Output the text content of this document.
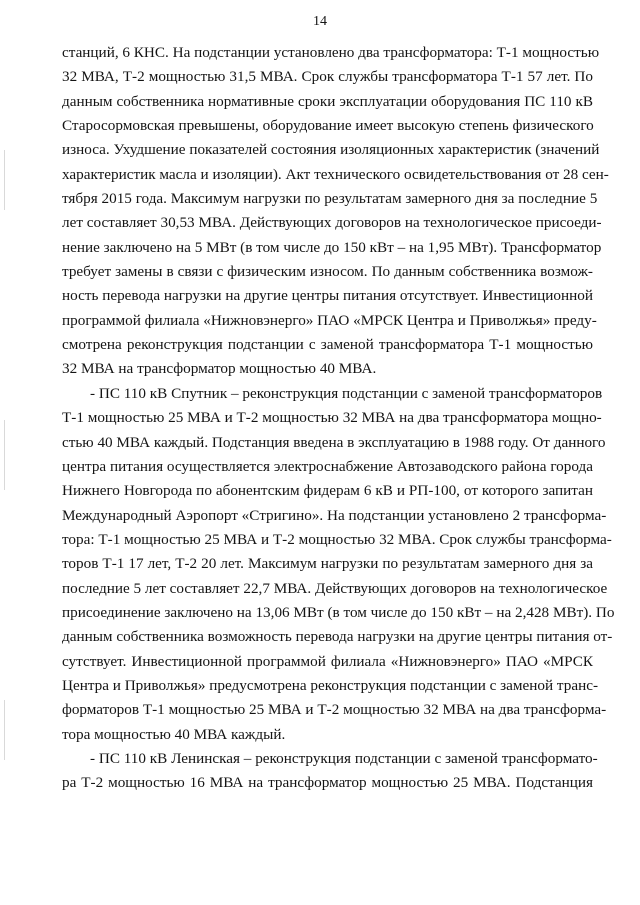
14
станций, 6 КНС. На подстанции установлено два трансформатора: Т-1 мощностью
32 МВА, Т-2 мощностью 31,5 МВА. Срок службы трансформатора Т-1 57 лет. По
данным собственника нормативные сроки эксплуатации оборудования ПС 110 кВ
Старосормовская превышены, оборудование имеет высокую степень физического
износа. Ухудшение показателей состояния изоляционных характеристик (значений
характеристик масла и изоляции). Акт технического освидетельствования от 28 сен-
тября 2015 года. Максимум нагрузки по результатам замерного дня за последние 5
лет составляет 30,53 МВА. Действующих договоров на технологическое присоеди-
нение заключено на 5 МВт (в том числе до 150 кВт – на 1,95 МВт). Трансформатор
требует замены в связи с физическим износом. По данным собственника возмож-
ность перевода нагрузки на другие центры питания отсутствует. Инвестиционной
программой филиала «Нижновэнерго» ПАО «МРСК Центра и Приволжья» преду-
смотрена реконструкция подстанции с заменой трансформатора Т-1 мощностью
32 МВА на трансформатор мощностью 40 МВА.
- ПС 110 кВ Спутник – реконструкция подстанции с заменой трансформаторов
Т-1 мощностью 25 МВА и Т-2 мощностью 32 МВА на два трансформатора мощно-
стью 40 МВА каждый. Подстанция введена в эксплуатацию в 1988 году. От данного
центра питания осуществляется электроснабжение Автозаводского района города
Нижнего Новгорода по абонентским фидерам 6 кВ и РП-100, от которого запитан
Международный Аэропорт «Стригино». На подстанции установлено 2 трансформа-
тора: Т-1 мощностью 25 МВА и Т-2 мощностью 32 МВА. Срок службы трансформа-
торов Т-1 17 лет, Т-2 20 лет. Максимум нагрузки по результатам замерного дня за
последние 5 лет составляет 22,7 МВА. Действующих договоров на технологическое
присоединение заключено на 13,06 МВт (в том числе до 150 кВт – на 2,428 МВт). По
данным собственника возможность перевода нагрузки на другие центры питания от-
сутствует. Инвестиционной программой филиала «Нижновэнерго» ПАО «МРСК
Центра и Приволжья» предусмотрена реконструкция подстанции с заменой транс-
форматоров Т-1 мощностью 25 МВА и Т-2 мощностью 32 МВА на два трансформа-
тора мощностью 40 МВА каждый.
- ПС 110 кВ Ленинская – реконструкция подстанции с заменой трансформато-
ра Т-2 мощностью 16 МВА на трансформатор мощностью 25 МВА. Подстанция
